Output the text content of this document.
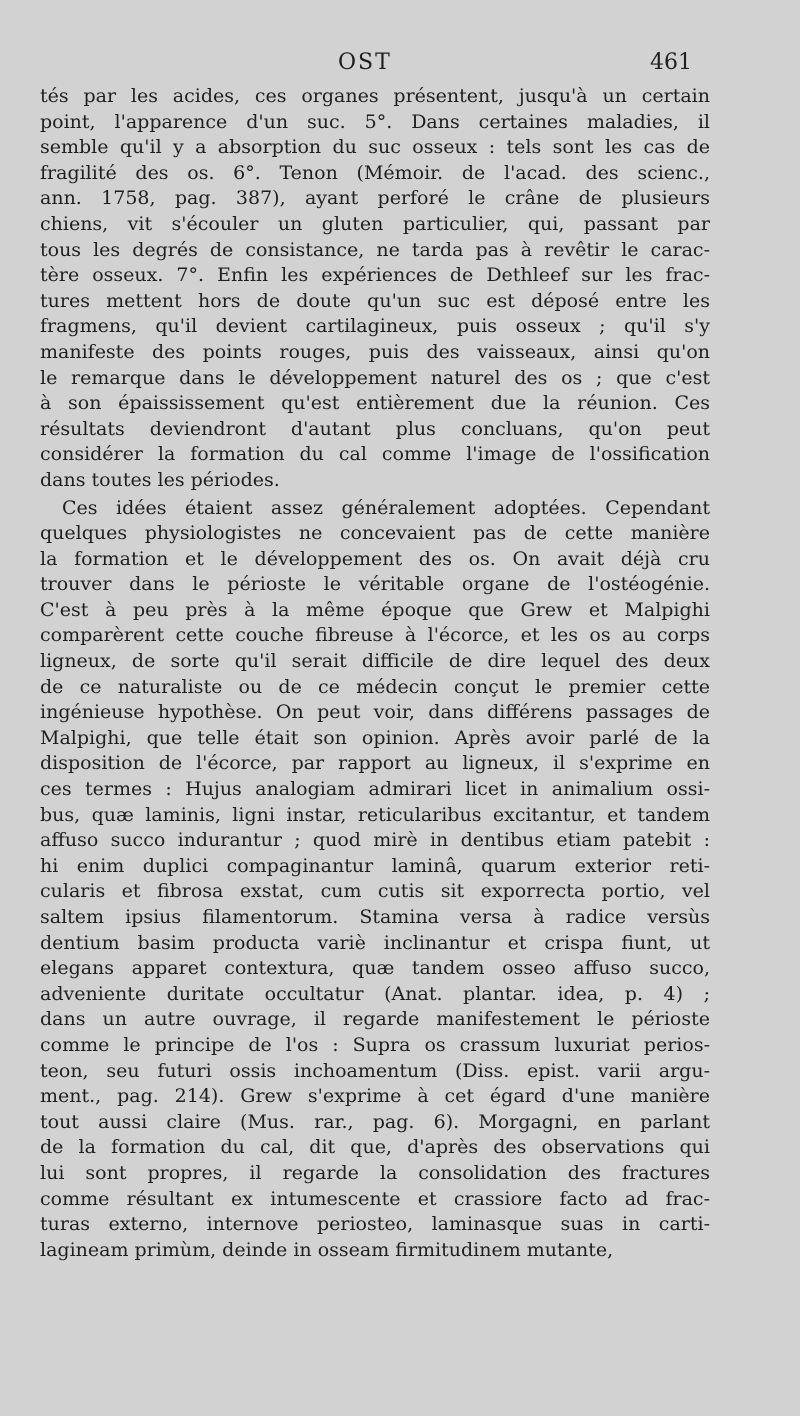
OST	461
tés par les acides, ces organes présentent, jusqu'à un certain
point, l'apparence d'un suc. 5°. Dans certaines maladies, il
semble qu'il y a absorption du suc osseux : tels sont les cas de
fragilité des os. 6°. Tenon (Mémoir. de l'acad. des scienc.,
ann. 1758, pag. 387), ayant perforé le crâne de plusieurs
chiens, vit s'écouler un gluten particulier, qui, passant par
tous les degrés de consistance, ne tarda pas à revêtir le carac-
tère osseux. 7°. Enfin les expériences de Dethleef sur les frac-
tures mettent hors de doute qu'un suc est déposé entre les
fragmens, qu'il devient cartilagineux, puis osseux ; qu'il s'y
manifeste des points rouges, puis des vaisseaux, ainsi qu'on
le remarque dans le développement naturel des os ; que c'est
à son épaississement qu'est entièrement due la réunion. Ces
résultats deviendront d'autant plus concluans, qu'on peut
considérer la formation du cal comme l'image de l'ossification
dans toutes les périodes.
Ces idées étaient assez généralement adoptées. Cependant
quelques physiologistes ne concevaient pas de cette manière
la formation et le développement des os. On avait déjà cru
trouver dans le périoste le véritable organe de l'ostéogénie.
C'est à peu près à la même époque que Grew et Malpighi
comparèrent cette couche fibreuse à l'écorce, et les os au corps
ligneux, de sorte qu'il serait difficile de dire lequel des deux
de ce naturaliste ou de ce médecin conçut le premier cette
ingénieuse hypothèse. On peut voir, dans différens passages de
Malpighi, que telle était son opinion. Après avoir parlé de la
disposition de l'écorce, par rapport au ligneux, il s'exprime en
ces termes : Hujus analogiam admirari licet in animalium ossi-
bus, quæ laminis, ligni instar, reticularibus excitantur, et tandem
affuso succo indurantur ; quod mirè in dentibus etiam patebit :
hi enim duplici compaginantur laminâ, quarum exterior reti-
cularis et fibrosa exstat, cum cutis sit exporrecta portio, vel
saltem ipsius filamentorum. Stamina versa à radice versùs
dentium basim producta variè inclinantur et crispa fiunt, ut
elegans apparet contextura, quæ tandem osseo affuso succo,
adveniente duritate occultatur (Anat. plantar. idea, p. 4) ;
dans un autre ouvrage, il regarde manifestement le périoste
comme le principe de l'os : Supra os crassum luxuriat perios-
teon, seu futuri ossis inchoamentum (Diss. epist. varii argu-
ment., pag. 214). Grew s'exprime à cet égard d'une manière
tout aussi claire (Mus. rar., pag. 6). Morgagni, en parlant
de la formation du cal, dit que, d'après des observations qui
lui sont propres, il regarde la consolidation des fractures
comme résultant ex intumescente et crassiore facto ad frac-
turas externo, internove periosteo, laminasque suas in carti-
lagineam primùm, deinde in osseam firmitudinem mutante,
